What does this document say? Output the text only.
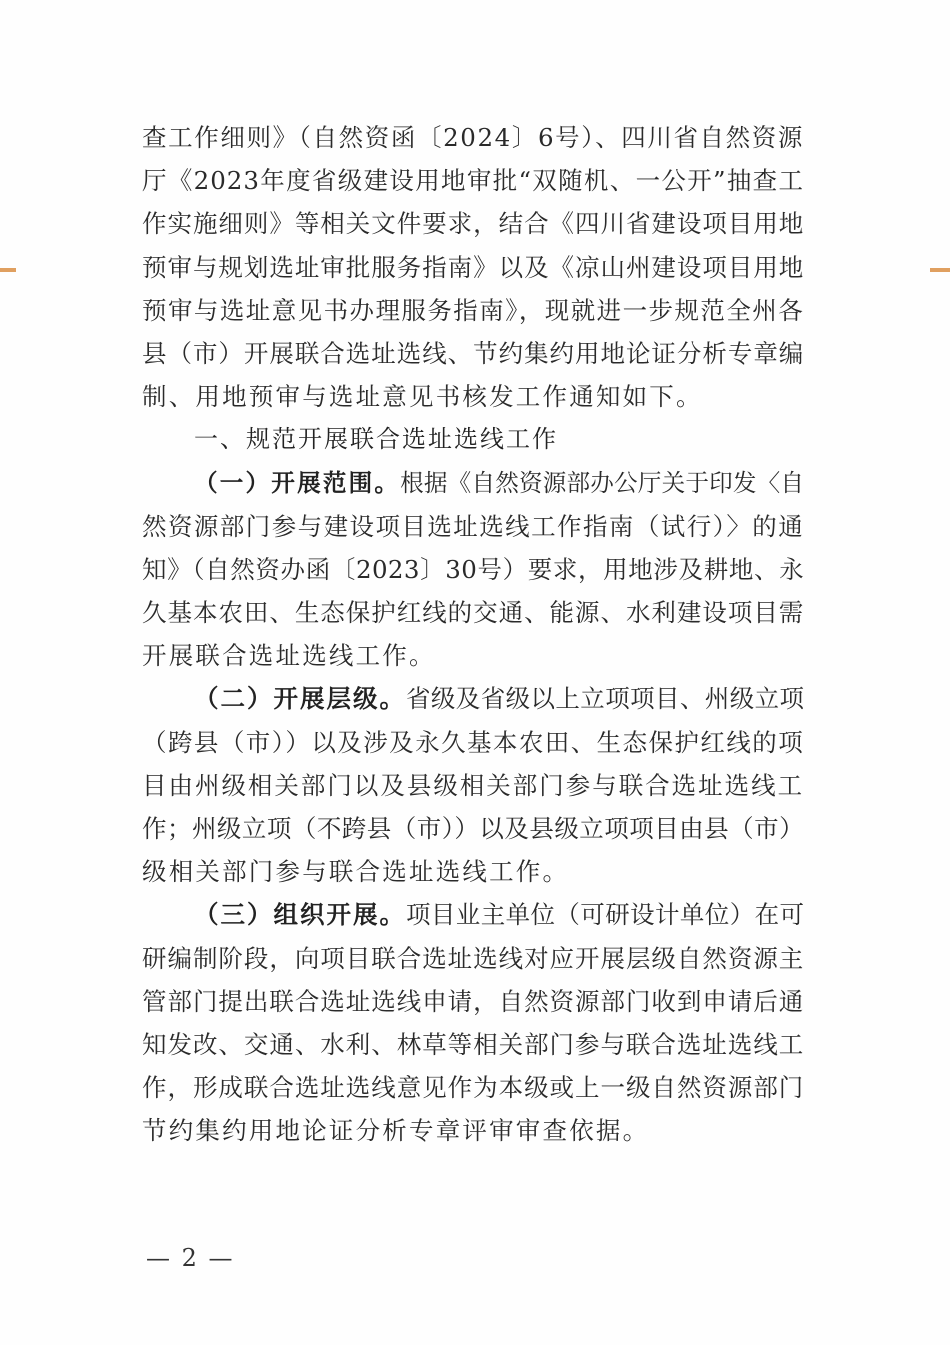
查工作细则》（自然资函〔2024〕6号）、四川省自然资源
厅《2023年度省级建设用地审批“双随机、一公开”抽查工
作实施细则》等相关文件要求，结合《四川省建设项目用地
预审与规划选址审批服务指南》以及《凉山州建设项目用地
预审与选址意见书办理服务指南》，现就进一步规范全州各
县（市）开展联合选址选线、节约集约用地论证分析专章编
制、用地预审与选址意见书核发工作通知如下。
一、规范开展联合选址选线工作
（一）开展范围。根据《自然资源部办公厅关于印发〈自
然资源部门参与建设项目选址选线工作指南（试行）〉的通
知》（自然资办函〔2023〕30号）要求，用地涉及耕地、永
久基本农田、生态保护红线的交通、能源、水利建设项目需
开展联合选址选线工作。
（二）开展层级。省级及省级以上立项项目、州级立项
（跨县（市））以及涉及永久基本农田、生态保护红线的项
目由州级相关部门以及县级相关部门参与联合选址选线工
作；州级立项（不跨县（市））以及县级立项项目由县（市）
级相关部门参与联合选址选线工作。
（三）组织开展。项目业主单位（可研设计单位）在可
研编制阶段，向项目联合选址选线对应开展层级自然资源主
管部门提出联合选址选线申请，自然资源部门收到申请后通
知发改、交通、水利、林草等相关部门参与联合选址选线工
作，形成联合选址选线意见作为本级或上一级自然资源部门
节约集约用地论证分析专章评审审查依据。
— 2 —
